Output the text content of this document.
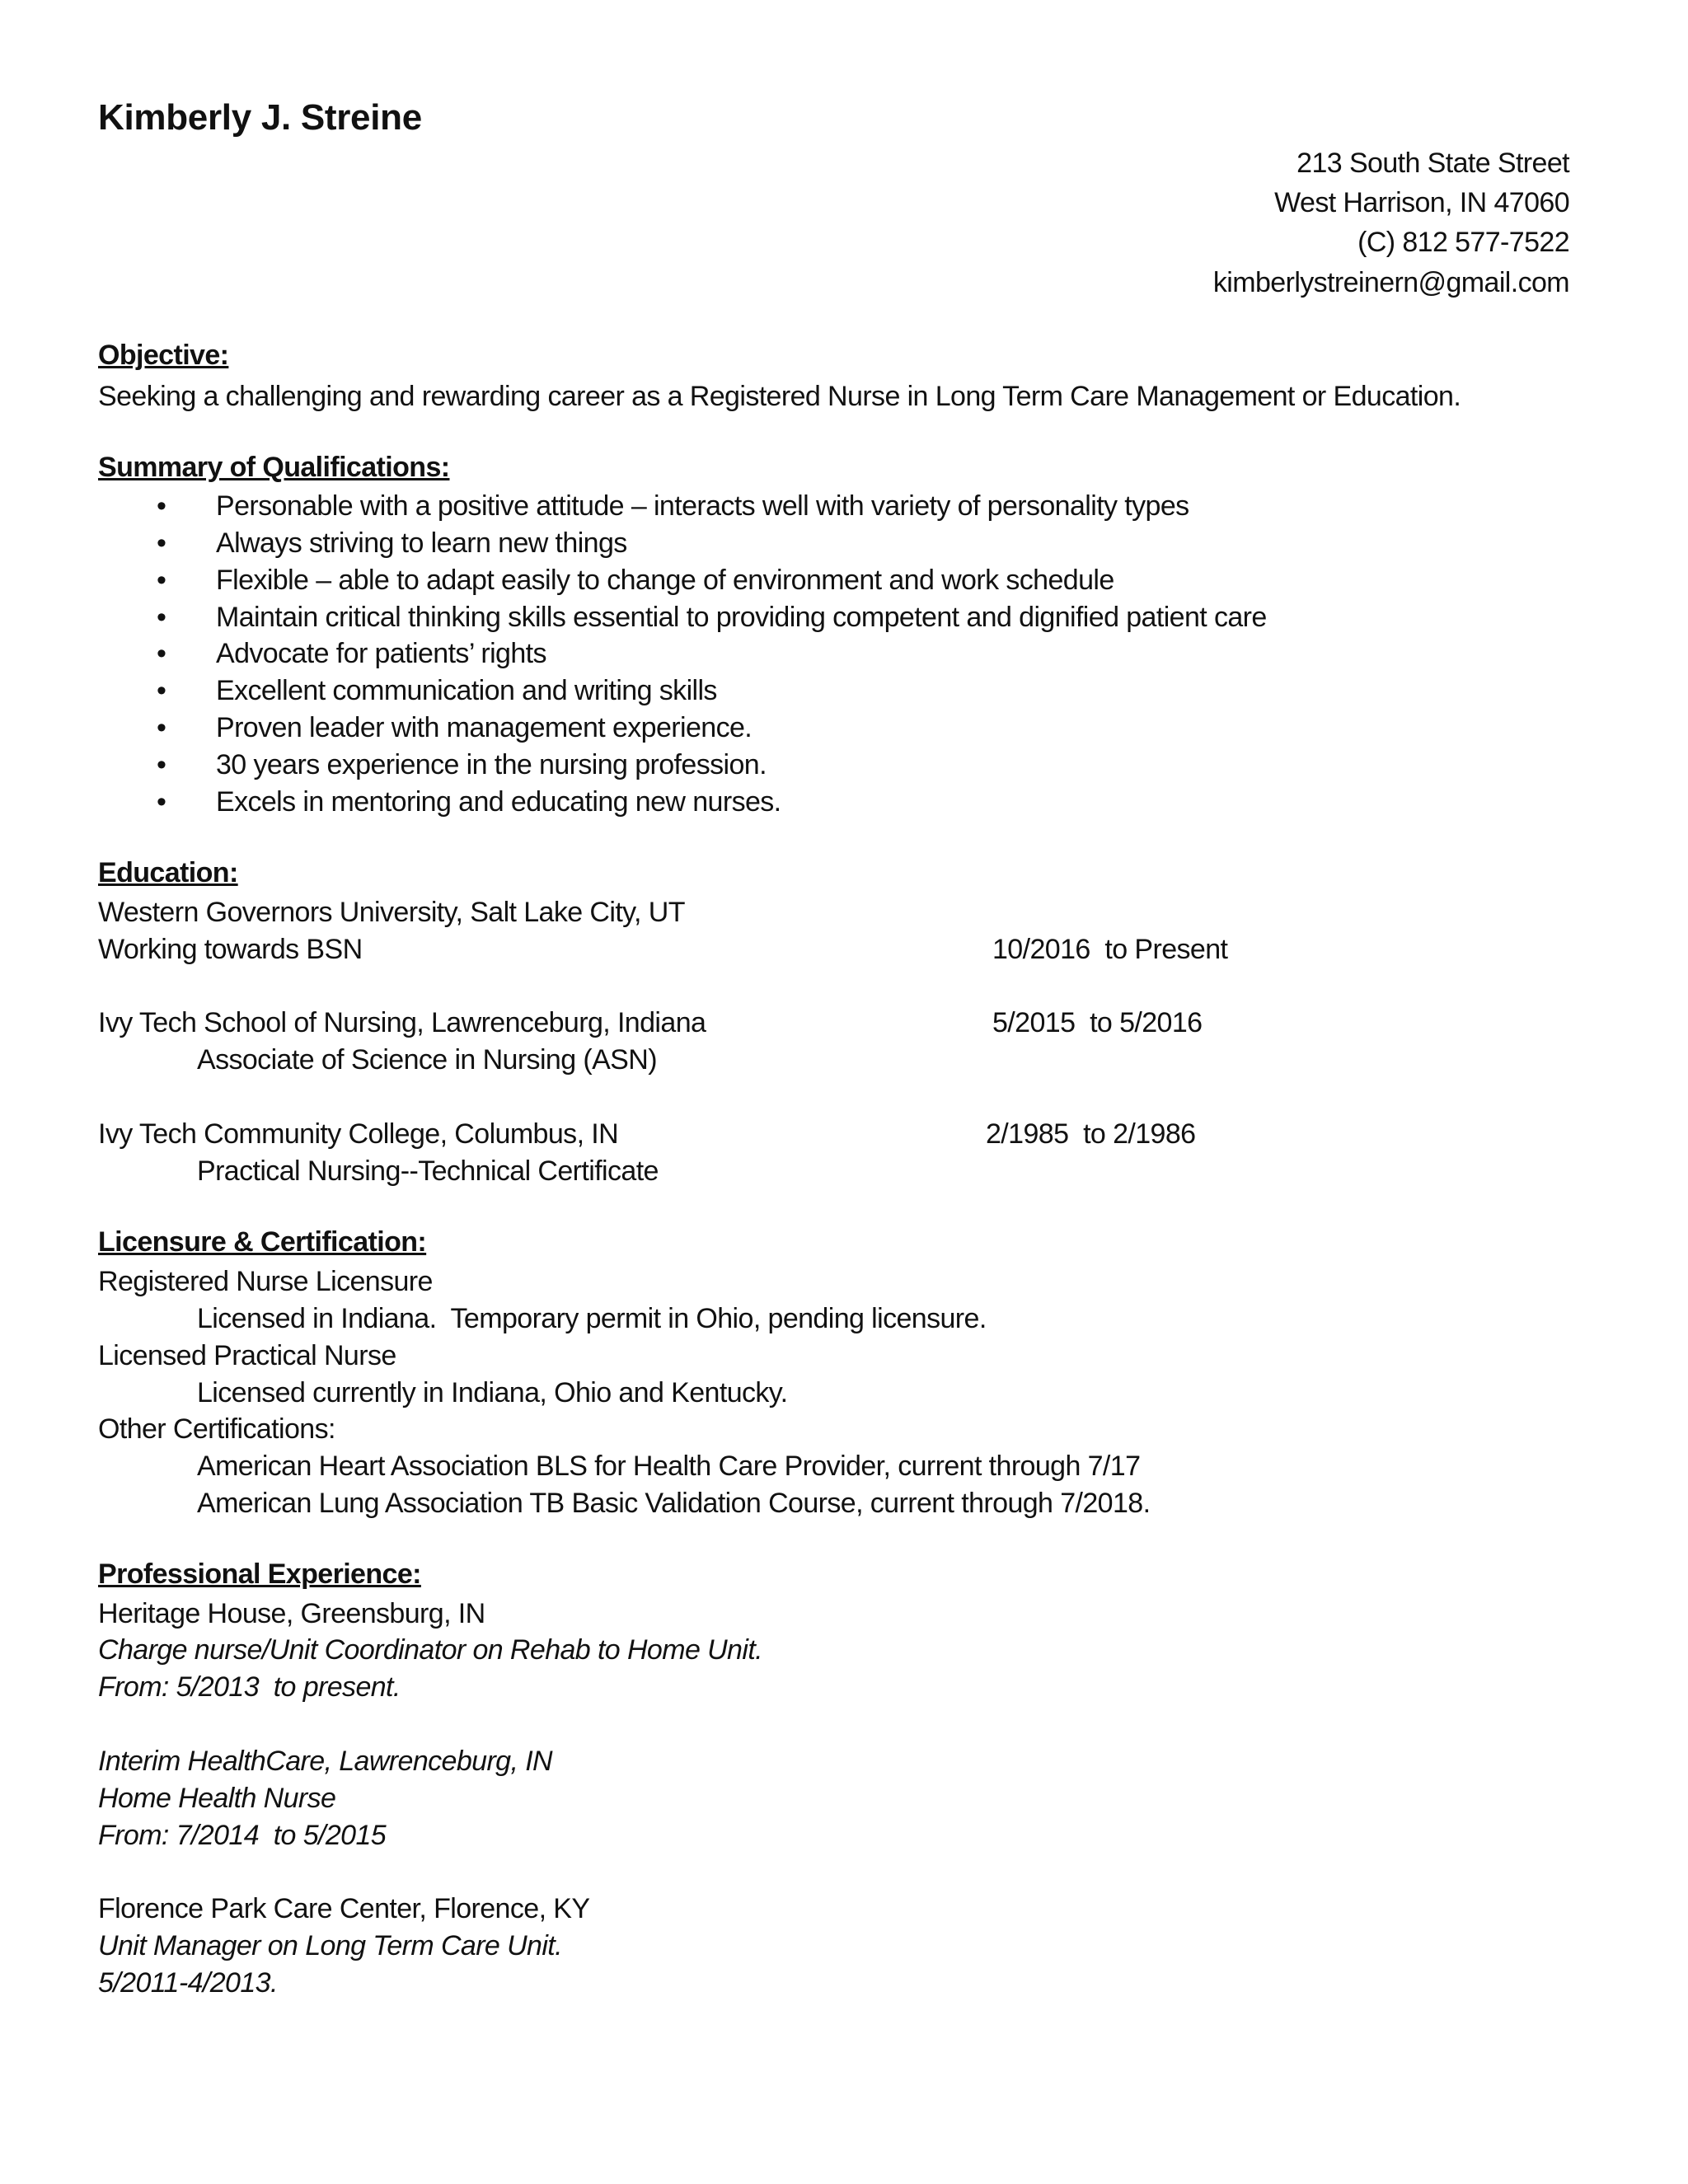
Kimberly J. Streine
213 South State Street
West Harrison, IN 47060
(C) 812 577-7522
kimberlystreinern@gmail.com
Objective:
Seeking a challenging and rewarding career as a Registered Nurse in Long Term Care Management or Education.
Summary of Qualifications:
•	Personable with a positive attitude – interacts well with variety of personality types
•	Always striving to learn new things
•	Flexible – able to adapt easily to change of environment and work schedule
•	Maintain critical thinking skills essential to providing competent and dignified patient care
•	Advocate for patients’ rights
•	Excellent communication and writing skills
•	Proven leader with management experience.
•	30 years experience in the nursing profession.
•	Excels in mentoring and educating new nurses.
Education:
Western Governors University, Salt Lake City, UT
Working towards BSN	10/2016  to Present
Ivy Tech School of Nursing, Lawrenceburg, Indiana	5/2015  to 5/2016
Associate of Science in Nursing (ASN)
Ivy Tech Community College, Columbus, IN	2/1985  to 2/1986
Practical Nursing--Technical Certificate
Licensure & Certification:
Registered Nurse Licensure
Licensed in Indiana.  Temporary permit in Ohio, pending licensure.
Licensed Practical Nurse
Licensed currently in Indiana, Ohio and Kentucky.
Other Certifications:
American Heart Association BLS for Health Care Provider, current through 7/17
American Lung Association TB Basic Validation Course, current through 7/2018.
Professional Experience:
Heritage House, Greensburg, IN
Charge nurse/Unit Coordinator on Rehab to Home Unit.
From: 5/2013  to present.
Interim HealthCare, Lawrenceburg, IN
Home Health Nurse
From: 7/2014  to 5/2015
Florence Park Care Center, Florence, KY
Unit Manager on Long Term Care Unit.
5/2011-4/2013.
